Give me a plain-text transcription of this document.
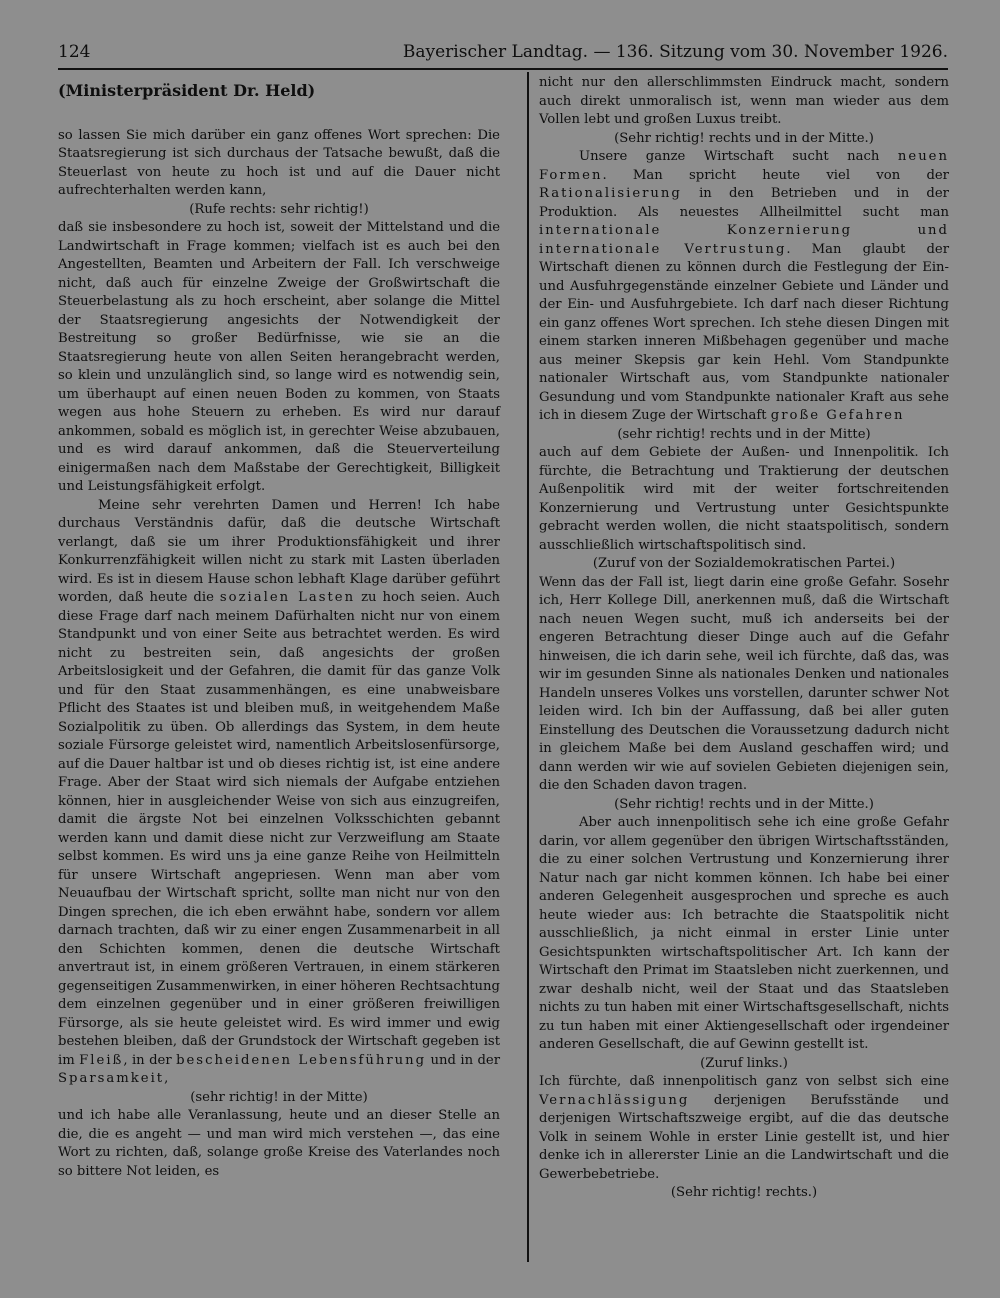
124	Bayerischer Landtag. — 136. Sitzung vom 30. November 1926.

(Ministerpräsident Dr. Held)

so lassen Sie mich darüber ein ganz offenes Wort sprechen: Die Staatsregierung ist sich durchaus der Tatsache bewußt, daß die Steuerlast von heute zu hoch ist und auf die Dauer nicht aufrechterhalten werden kann,

(Rufe rechts: sehr richtig!)

daß sie insbesondere zu hoch ist, soweit der Mittelstand und die Landwirtschaft in Frage kommen; vielfach ist es auch bei den Angestellten, Beamten und Arbeitern der Fall. Ich verschweige nicht, daß auch für einzelne Zweige der Großwirtschaft die Steuerbelastung als zu hoch erscheint, aber solange die Mittel der Staatsregierung angesichts der Notwendigkeit der Bestreitung so großer Bedürfnisse, wie sie an die Staatsregierung heute von allen Seiten herangebracht werden, so klein und unzulänglich sind, so lange wird es notwendig sein, um überhaupt auf einen neuen Boden zu kommen, von Staats wegen aus hohe Steuern zu erheben. Es wird nur darauf ankommen, sobald es möglich ist, in gerechter Weise abzubauen, und es wird darauf ankommen, daß die Steuerverteilung einigermaßen nach dem Maßstabe der Gerechtigkeit, Billigkeit und Leistungsfähigkeit erfolgt.

Meine sehr verehrten Damen und Herren! Ich habe durchaus Verständnis dafür, daß die deutsche Wirtschaft verlangt, daß sie um ihrer Produktionsfähigkeit und ihrer Konkurrenzfähigkeit willen nicht zu stark mit Lasten überladen wird. Es ist in diesem Hause schon lebhaft Klage darüber geführt worden, daß heute die sozialen Lasten zu hoch seien. Auch diese Frage darf nach meinem Dafürhalten nicht nur von einem Standpunkt und von einer Seite aus betrachtet werden. Es wird nicht zu bestreiten sein, daß angesichts der großen Arbeitslosigkeit und der Gefahren, die damit für das ganze Volk und für den Staat zusammenhängen, es eine unabweisbare Pflicht des Staates ist und bleiben muß, in weitgehendem Maße Sozialpolitik zu üben. Ob allerdings das System, in dem heute soziale Fürsorge geleistet wird, namentlich Arbeitslosenfürsorge, auf die Dauer haltbar ist und ob dieses richtig ist, ist eine andere Frage. Aber der Staat wird sich niemals der Aufgabe entziehen können, hier in ausgleichender Weise von sich aus einzugreifen, damit die ärgste Not bei einzelnen Volksschichten gebannt werden kann und damit diese nicht zur Verzweiflung am Staate selbst kommen. Es wird uns ja eine ganze Reihe von Heilmitteln für unsere Wirtschaft angepriesen. Wenn man aber vom Neuaufbau der Wirtschaft spricht, sollte man nicht nur von den Dingen sprechen, die ich eben erwähnt habe, sondern vor allem darnach trachten, daß wir zu einer engen Zusammenarbeit in all den Schichten kommen, denen die deutsche Wirtschaft anvertraut ist, in einem größeren Vertrauen, in einem stärkeren gegenseitigen Zusammenwirken, in einer höheren Rechtsachtung dem einzelnen gegenüber und in einer größeren freiwilligen Fürsorge, als sie heute geleistet wird. Es wird immer und ewig bestehen bleiben, daß der Grundstock der Wirtschaft gegeben ist im Fleiß, in der bescheidenen Lebensführung und in der Sparsamkeit,

(sehr richtig! in der Mitte)

und ich habe alle Veranlassung, heute und an dieser Stelle an die, die es angeht — und man wird mich verstehen —, das eine Wort zu richten, daß, solange große Kreise des Vaterlandes noch so bittere Not leiden, es

nicht nur den allerschlimmsten Eindruck macht, sondern auch direkt unmoralisch ist, wenn man wieder aus dem Vollen lebt und großen Luxus treibt.

(Sehr richtig! rechts und in der Mitte.)

Unsere ganze Wirtschaft sucht nach neuen Formen. Man spricht heute viel von der Rationalisierung in den Betrieben und in der Produktion. Als neuestes Allheilmittel sucht man internationale Konzernierung und internationale Vertrustung. Man glaubt der Wirtschaft dienen zu können durch die Festlegung der Ein- und Ausfuhrgegenstände einzelner Gebiete und Länder und der Ein- und Ausfuhrgebiete. Ich darf nach dieser Richtung ein ganz offenes Wort sprechen. Ich stehe diesen Dingen mit einem starken inneren Mißbehagen gegenüber und mache aus meiner Skepsis gar kein Hehl. Vom Standpunkte nationaler Wirtschaft aus, vom Standpunkte nationaler Gesundung und vom Standpunkte nationaler Kraft aus sehe ich in diesem Zuge der Wirtschaft große Gefahren

(sehr richtig! rechts und in der Mitte)

auch auf dem Gebiete der Außen- und Innenpolitik. Ich fürchte, die Betrachtung und Traktierung der deutschen Außenpolitik wird mit der weiter fortschreitenden Konzernierung und Vertrustung unter Gesichtspunkte gebracht werden wollen, die nicht staatspolitisch, sondern ausschließlich wirtschaftspolitisch sind.

(Zuruf von der Sozialdemokratischen Partei.)

Wenn das der Fall ist, liegt darin eine große Gefahr. Sosehr ich, Herr Kollege Dill, anerkennen muß, daß die Wirtschaft nach neuen Wegen sucht, muß ich anderseits bei der engeren Betrachtung dieser Dinge auch auf die Gefahr hinweisen, die ich darin sehe, weil ich fürchte, daß das, was wir im gesunden Sinne als nationales Denken und nationales Handeln unseres Volkes uns vorstellen, darunter schwer Not leiden wird. Ich bin der Auffassung, daß bei aller guten Einstellung des Deutschen die Voraussetzung dadurch nicht in gleichem Maße bei dem Ausland geschaffen wird; und dann werden wir wie auf sovielen Gebieten diejenigen sein, die den Schaden davon tragen.

(Sehr richtig! rechts und in der Mitte.)

Aber auch innenpolitisch sehe ich eine große Gefahr darin, vor allem gegenüber den übrigen Wirtschaftsständen, die zu einer solchen Vertrustung und Konzernierung ihrer Natur nach gar nicht kommen können. Ich habe bei einer anderen Gelegenheit ausgesprochen und spreche es auch heute wieder aus: Ich betrachte die Staatspolitik nicht ausschließlich, ja nicht einmal in erster Linie unter Gesichtspunkten wirtschaftspolitischer Art. Ich kann der Wirtschaft den Primat im Staatsleben nicht zuerkennen, und zwar deshalb nicht, weil der Staat und das Staatsleben nichts zu tun haben mit einer Wirtschaftsgesellschaft, nichts zu tun haben mit einer Aktiengesellschaft oder irgendeiner anderen Gesellschaft, die auf Gewinn gestellt ist.

(Zuruf links.)

Ich fürchte, daß innenpolitisch ganz von selbst sich eine Vernachlässigung derjenigen Berufsstände und derjenigen Wirtschaftszweige ergibt, auf die das deutsche Volk in seinem Wohle in erster Linie gestellt ist, und hier denke ich in allererster Linie an die Landwirtschaft und die Gewerbebetriebe.

(Sehr richtig! rechts.)
